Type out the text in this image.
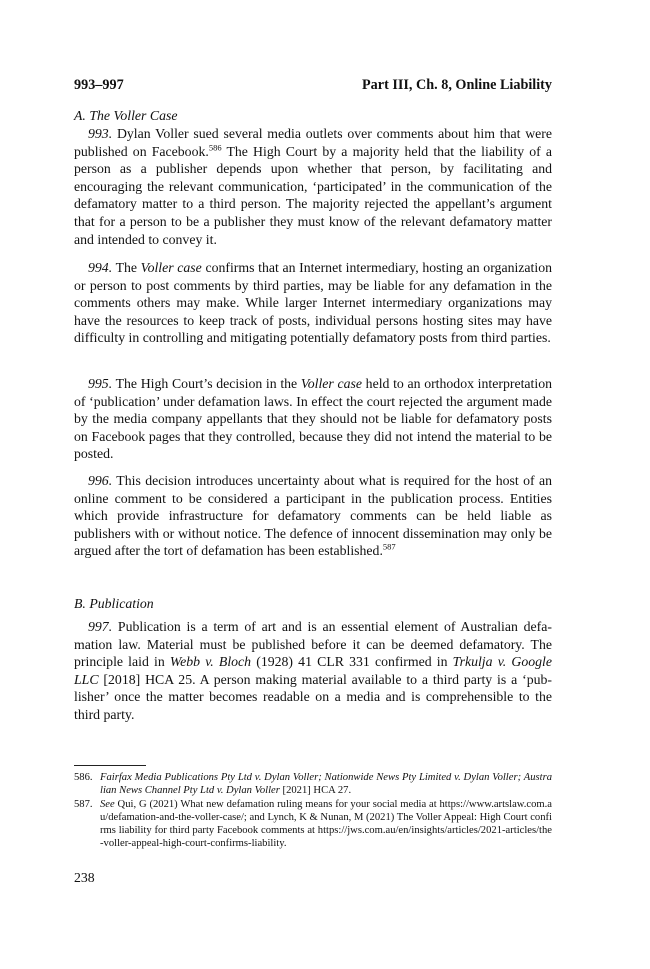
993–997	Part III, Ch. 8, Online Liability
A. The Voller Case

993. Dylan Voller sued several media outlets over comments about him that were published on Facebook.$^{586}$ The High Court by a majority held that the liability of a person as a publisher depends upon whether that person, by facilitating and encouraging the relevant communication, ‘participated’ in the communication of the defamatory matter to a third person. The majority rejected the appellant’s argument that for a person to be a publisher they must know of the relevant defamatory matter and intended to convey it.

994. The Voller case confirms that an Internet intermediary, hosting an organization or person to post comments by third parties, may be liable for any defamation in the comments others may make. While larger Internet intermediary organizations may have the resources to keep track of posts, individual persons hosting sites may have difficulty in controlling and mitigating potentially defamatory posts from third parties.

995. The High Court’s decision in the Voller case held to an orthodox interpretation of ‘publication’ under defamation laws. In effect the court rejected the argument made by the media company appellants that they should not be liable for defamatory posts on Facebook pages that they controlled, because they did not intend the material to be posted.

996. This decision introduces uncertainty about what is required for the host of an online comment to be considered a participant in the publication process. Entities which provide infrastructure for defamatory comments can be held liable as publishers with or without notice. The defence of innocent dissemination may only be argued after the tort of defamation has been established.$^{587}$

B. Publication

997. Publication is a term of art and is an essential element of Australian defamation law. Material must be published before it can be deemed defamatory. The principle laid in Webb v. Bloch (1928) 41 CLR 331 confirmed in Trkulja v. Google LLC [2018] HCA 25. A person making material available to a third party is a ‘publisher’ once the matter becomes readable on a media and is comprehensible to the third party.

586. Fairfax Media Publications Pty Ltd v. Dylan Voller; Nationwide News Pty Limited v. Dylan Voller; Australian News Channel Pty Ltd v. Dylan Voller [2021] HCA 27.
587. See Qui, G (2021) What new defamation ruling means for your social media at https://www.artslaw.com.au/defamation-and-the-voller-case/; and Lynch, K & Nunan, M (2021) The Voller Appeal: High Court confirms liability for third party Facebook comments at https://jws.com.au/en/insights/articles/2021-articles/the-voller-appeal-high-court-confirms-liability.
238
